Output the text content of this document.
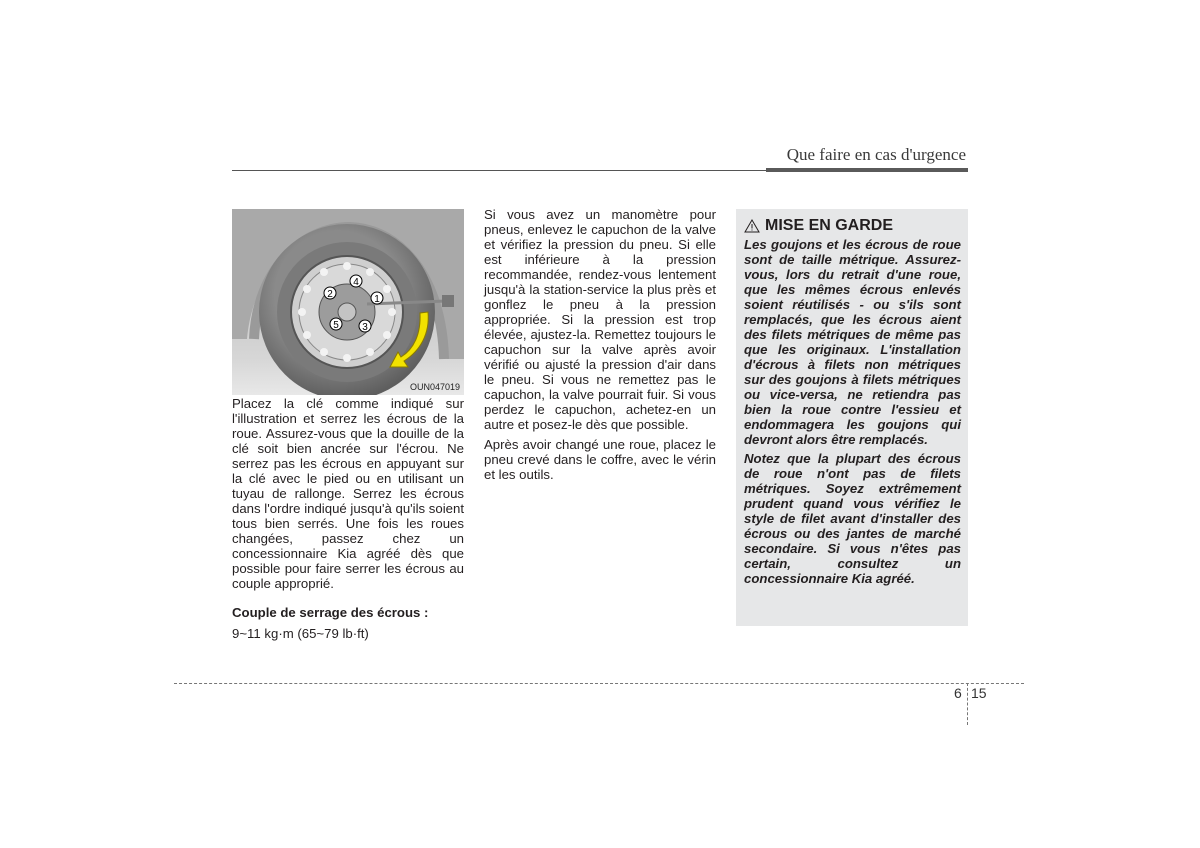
Que faire en cas d'urgence
1
2
3
4
5
OUN047019

Placez la clé comme indiqué sur l'illustration et serrez les écrous de la roue. Assurez-vous que la douille de la clé soit bien ancrée sur l'écrou. Ne serrez pas les écrous en appuyant sur la clé avec le pied ou en utilisant un tuyau de rallonge. Serrez les écrous dans l'ordre indiqué jusqu'à qu'ils soient tous bien serrés. Une fois les roues changées, passez chez un concessionnaire Kia agréé dès que possible pour faire serrer les écrous au couple approprié.

Couple de serrage des écrous :

9~11 kg·m (65~79 lb·ft)

Si vous avez un manomètre pour pneus, enlevez le capuchon de la valve et vérifiez la pression du pneu. Si elle est inférieure à la pression recommandée, rendez-vous lentement jusqu'à la station-service la plus près et gonflez le pneu à la pression appropriée. Si la pression est trop élevée, ajustez-la. Remettez toujours le capuchon sur la valve après avoir vérifié ou ajusté la pression d'air dans le pneu. Si vous ne remettez pas le capuchon, la valve pourrait fuir. Si vous perdez le capuchon, achetez-en un autre et posez-le dès que possible.

Après avoir changé une roue, placez le pneu crevé dans le coffre, avec le vérin et les outils.

MISE EN GARDE

Les goujons et les écrous de roue sont de taille métrique. Assurez-vous, lors du retrait d'une roue, que les mêmes écrous enlevés soient réutilisés - ou s'ils sont remplacés, que les écrous aient des filets métriques de même pas que les originaux. L'installation d'écrous à filets non métriques sur des goujons à filets métriques ou vice-versa, ne retiendra pas bien la roue contre l'essieu et endommagera les goujons qui devront alors être remplacés.

Notez que la plupart des écrous de roue n'ont pas de filets métriques. Soyez extrêmement prudent quand vous vérifiez le style de filet avant d'installer des écrous ou des jantes de marché secondaire. Si vous n'êtes pas certain, consultez un concessionnaire Kia agréé.

6 15
